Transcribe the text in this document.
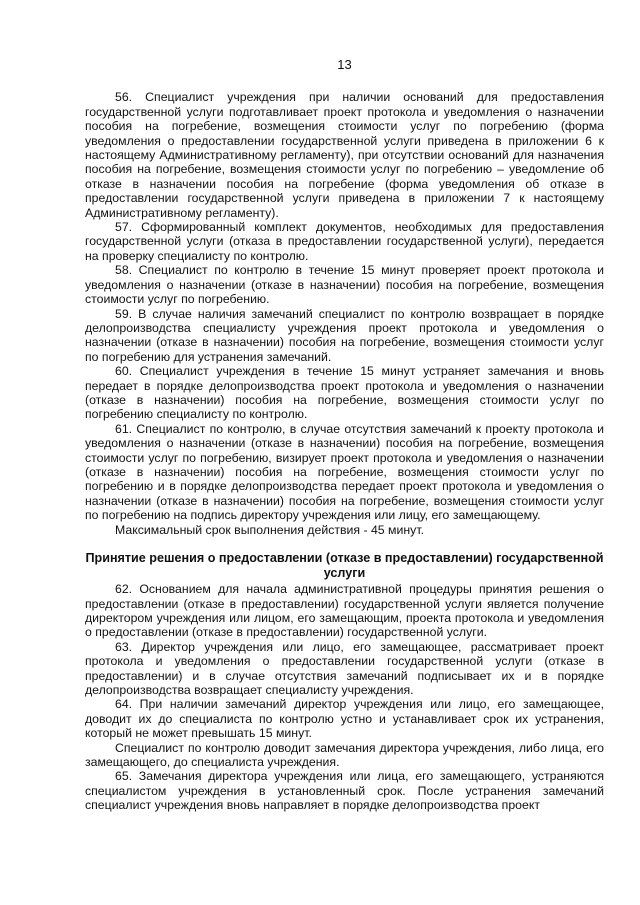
13

56. Специалист учреждения при наличии оснований для предоставления государственной услуги подготавливает проект протокола и уведомления о назначении пособия на погребение, возмещения стоимости услуг по погребению (форма уведомления о предоставлении государственной услуги приведена в приложении 6 к настоящему Административному регламенту), при отсутствии оснований для назначения пособия на погребение, возмещения стоимости услуг по погребению – уведомление об отказе в назначении пособия на погребение (форма уведомления об отказе в предоставлении государственной услуги приведена в приложении 7 к настоящему Административному регламенту).

57. Сформированный комплект документов, необходимых для предоставления государственной услуги (отказа в предоставлении государственной услуги), передается на проверку специалисту по контролю.

58. Специалист по контролю в течение 15 минут проверяет проект протокола и уведомления о назначении (отказе в назначении) пособия на погребение, возмещения стоимости услуг по погребению.

59. В случае наличия замечаний специалист по контролю возвращает в порядке делопроизводства специалисту учреждения проект протокола и уведомления о назначении (отказе в назначении) пособия на погребение, возмещения стоимости услуг по погребению для устранения замечаний.

60. Специалист учреждения в течение 15 минут устраняет замечания и вновь передает в порядке делопроизводства проект протокола и уведомления о назначении (отказе в назначении) пособия на погребение, возмещения стоимости услуг по погребению специалисту по контролю.

61. Специалист по контролю, в случае отсутствия замечаний к проекту протокола и уведомления о назначении (отказе в назначении) пособия на погребение, возмещения стоимости услуг по погребению, визирует проект протокола и уведомления о назначении (отказе в назначении) пособия на погребение, возмещения стоимости услуг по погребению и в порядке делопроизводства передает проект протокола и уведомления о назначении (отказе в назначении) пособия на погребение, возмещения стоимости услуг по погребению на подпись директору учреждения или лицу, его замещающему.

Максимальный срок выполнения действия - 45 минут.

Принятие решения о предоставлении (отказе в предоставлении) государственной услуги

62. Основанием для начала административной процедуры принятия решения о предоставлении (отказе в предоставлении) государственной услуги является получение директором учреждения или лицом, его замещающим, проекта протокола и уведомления о предоставлении (отказе в предоставлении) государственной услуги.

63. Директор учреждения или лицо, его замещающее, рассматривает проект протокола и уведомления о предоставлении государственной услуги (отказе в предоставлении) и в случае отсутствия замечаний подписывает их и в порядке делопроизводства возвращает специалисту учреждения.

64. При наличии замечаний директор учреждения или лицо, его замещающее, доводит их до специалиста по контролю устно и устанавливает срок их устранения, который не может превышать 15 минут.

Специалист по контролю доводит замечания директора учреждения, либо лица, его замещающего, до специалиста учреждения.

65. Замечания директора учреждения или лица, его замещающего, устраняются специалистом учреждения в установленный срок. После устранения замечаний специалист учреждения вновь направляет в порядке делопроизводства проект
